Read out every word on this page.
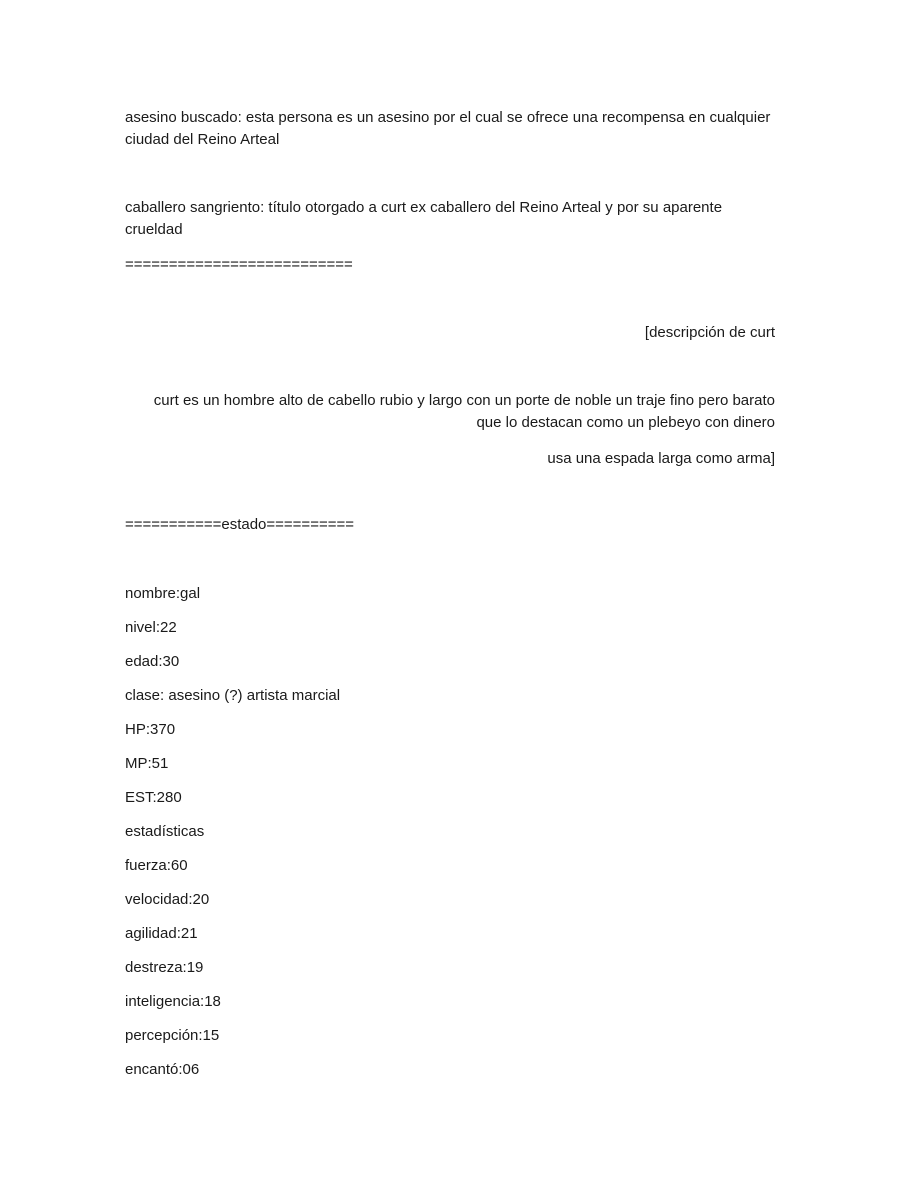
asesino buscado: esta persona es un asesino por el cual se ofrece una recompensa en cualquier ciudad del Reino Arteal
caballero sangriento: título otorgado a curt ex caballero del Reino Arteal y por su aparente crueldad
==========================
[descripción de curt
curt es un hombre alto de cabello rubio y largo con un porte de noble un traje fino pero barato que lo destacan como un plebeyo con dinero
usa una espada larga como arma]
===========estado==========
nombre:gal
nivel:22
edad:30
clase: asesino (?) artista marcial
HP:370
MP:51
EST:280
estadísticas
fuerza:60
velocidad:20
agilidad:21
destreza:19
inteligencia:18
percepción:15
encantó:06
